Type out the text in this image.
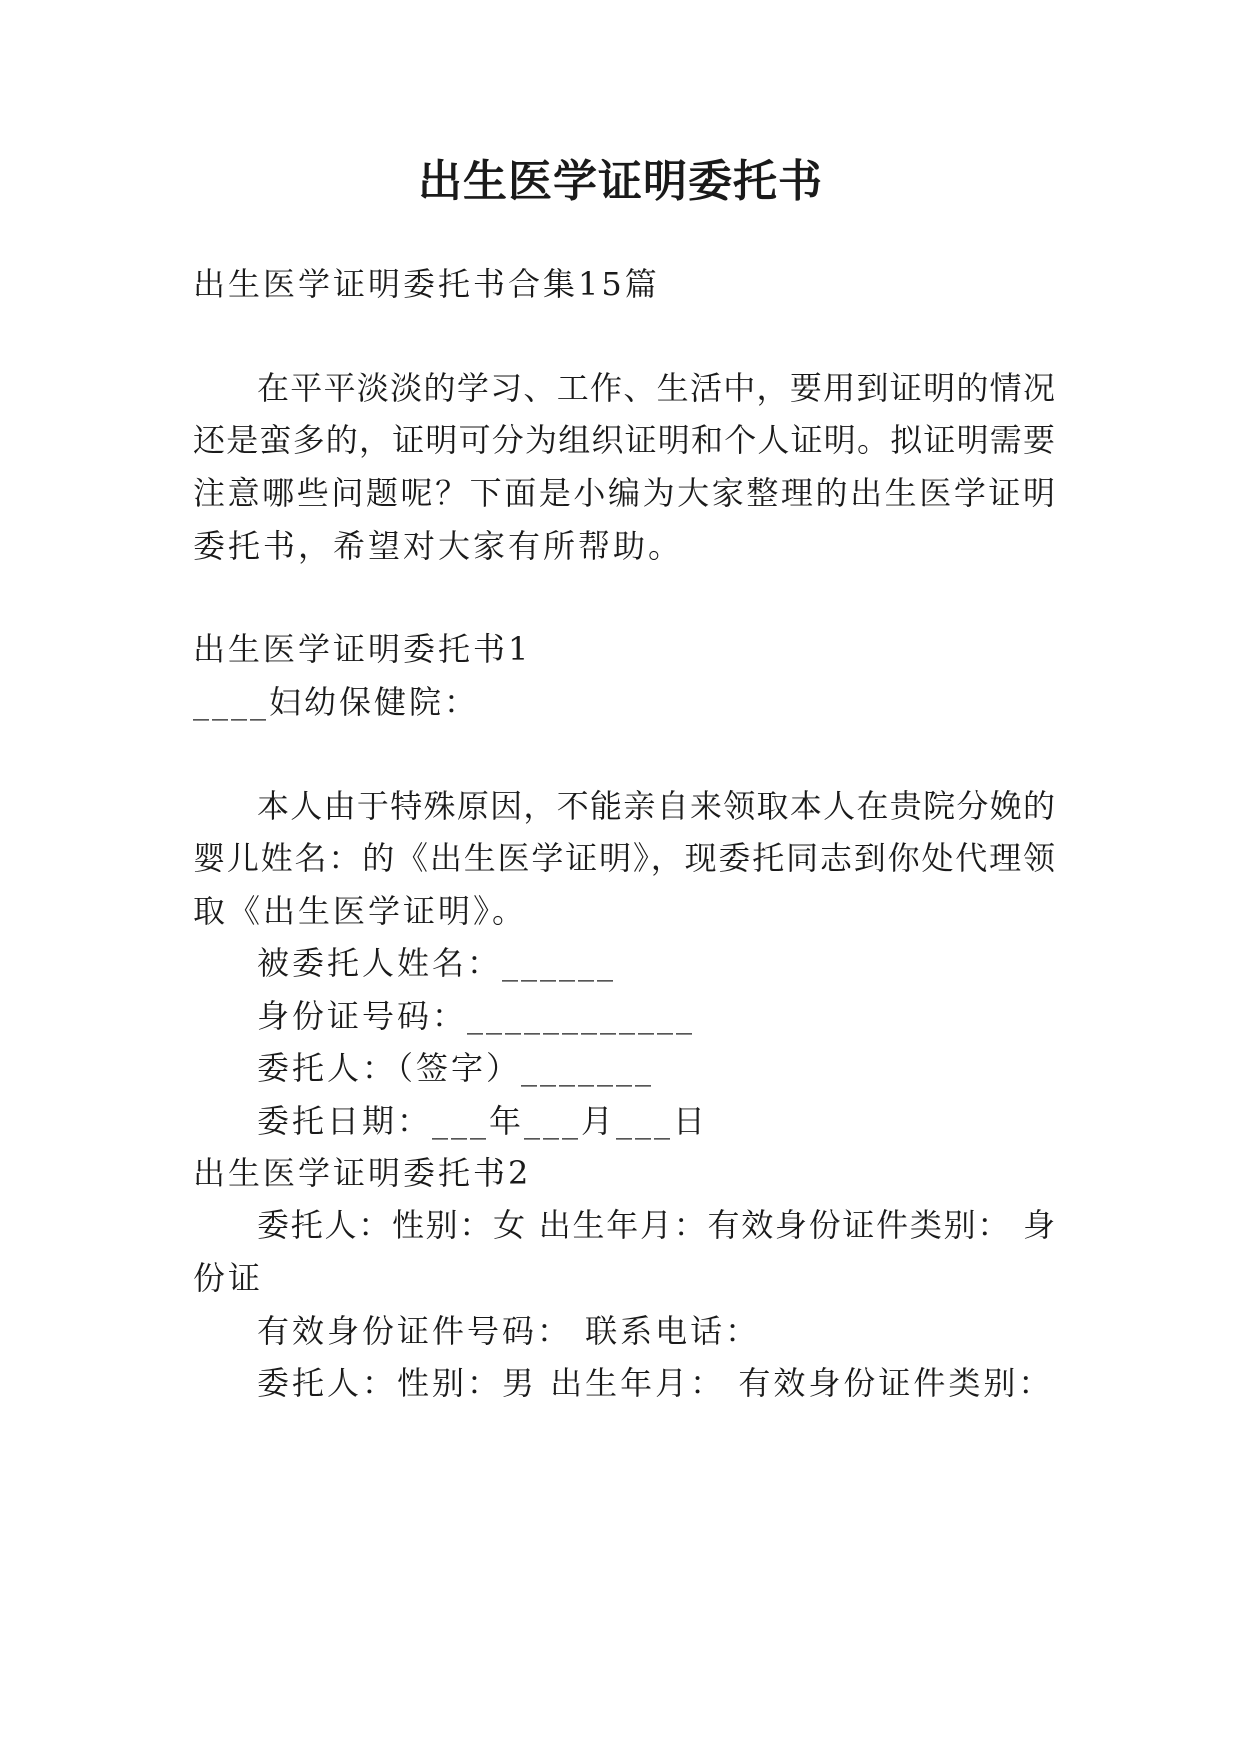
出生医学证明委托书
出生医学证明委托书合集15篇
在平平淡淡的学习、工作、生活中，要用到证明的情况
还是蛮多的，证明可分为组织证明和个人证明。拟证明需要
注意哪些问题呢？下面是小编为大家整理的出生医学证明
委托书，希望对大家有所帮助。
出生医学证明委托书1
____妇幼保健院：
本人由于特殊原因，不能亲自来领取本人在贵院分娩的
婴儿姓名：的《出生医学证明》，现委托同志到你处代理领
取《出生医学证明》。
被委托人姓名：______
身份证号码：____________
委托人：（签字）_______
委托日期：___年___月___日
出生医学证明委托书2
委托人：性别：女 出生年月：有效身份证件类别： 身
份证
有效身份证件号码： 联系电话：
委托人：性别：男 出生年月： 有效身份证件类别：
